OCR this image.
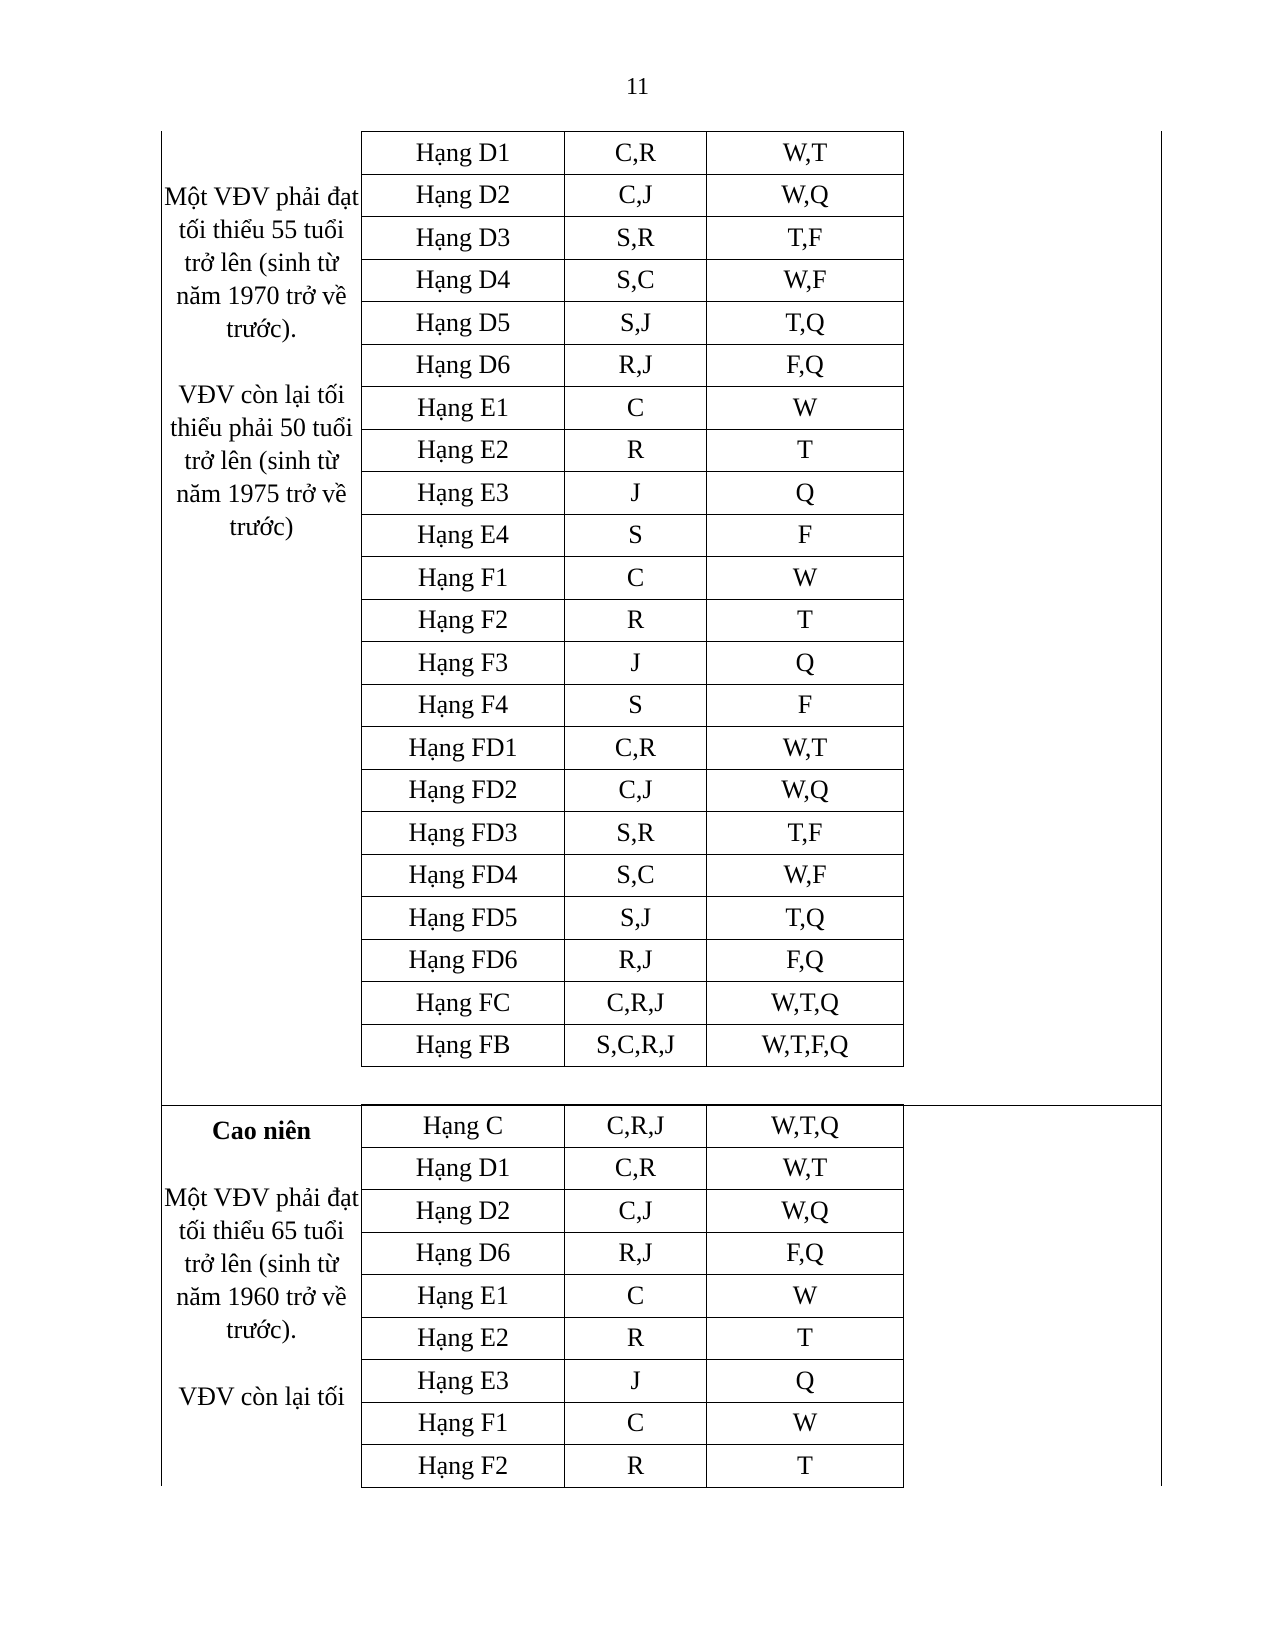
11

Một VĐV phải đạt tối thiểu 55 tuổi trở lên (sinh từ năm 1970 trở về trước).

VĐV còn lại tối thiểu phải 50 tuổi trở lên (sinh từ năm 1975 trở về trước)

Hạng D1	C,R	W,T
Hạng D2	C,J	W,Q
Hạng D3	S,R	T,F
Hạng D4	S,C	W,F
Hạng D5	S,J	T,Q
Hạng D6	R,J	F,Q
Hạng E1	C	W
Hạng E2	R	T
Hạng E3	J	Q
Hạng E4	S	F
Hạng F1	C	W
Hạng F2	R	T
Hạng F3	J	Q
Hạng F4	S	F
Hạng FD1	C,R	W,T
Hạng FD2	C,J	W,Q
Hạng FD3	S,R	T,F
Hạng FD4	S,C	W,F
Hạng FD5	S,J	T,Q
Hạng FD6	R,J	F,Q
Hạng FC	C,R,J	W,T,Q
Hạng FB	S,C,R,J	W,T,F,Q

Cao niên

Một VĐV phải đạt tối thiểu 65 tuổi trở lên (sinh từ năm 1960 trở về trước).

VĐV còn lại tối

Hạng C	C,R,J	W,T,Q
Hạng D1	C,R	W,T
Hạng D2	C,J	W,Q
Hạng D6	R,J	F,Q
Hạng E1	C	W
Hạng E2	R	T
Hạng E3	J	Q
Hạng F1	C	W
Hạng F2	R	T
